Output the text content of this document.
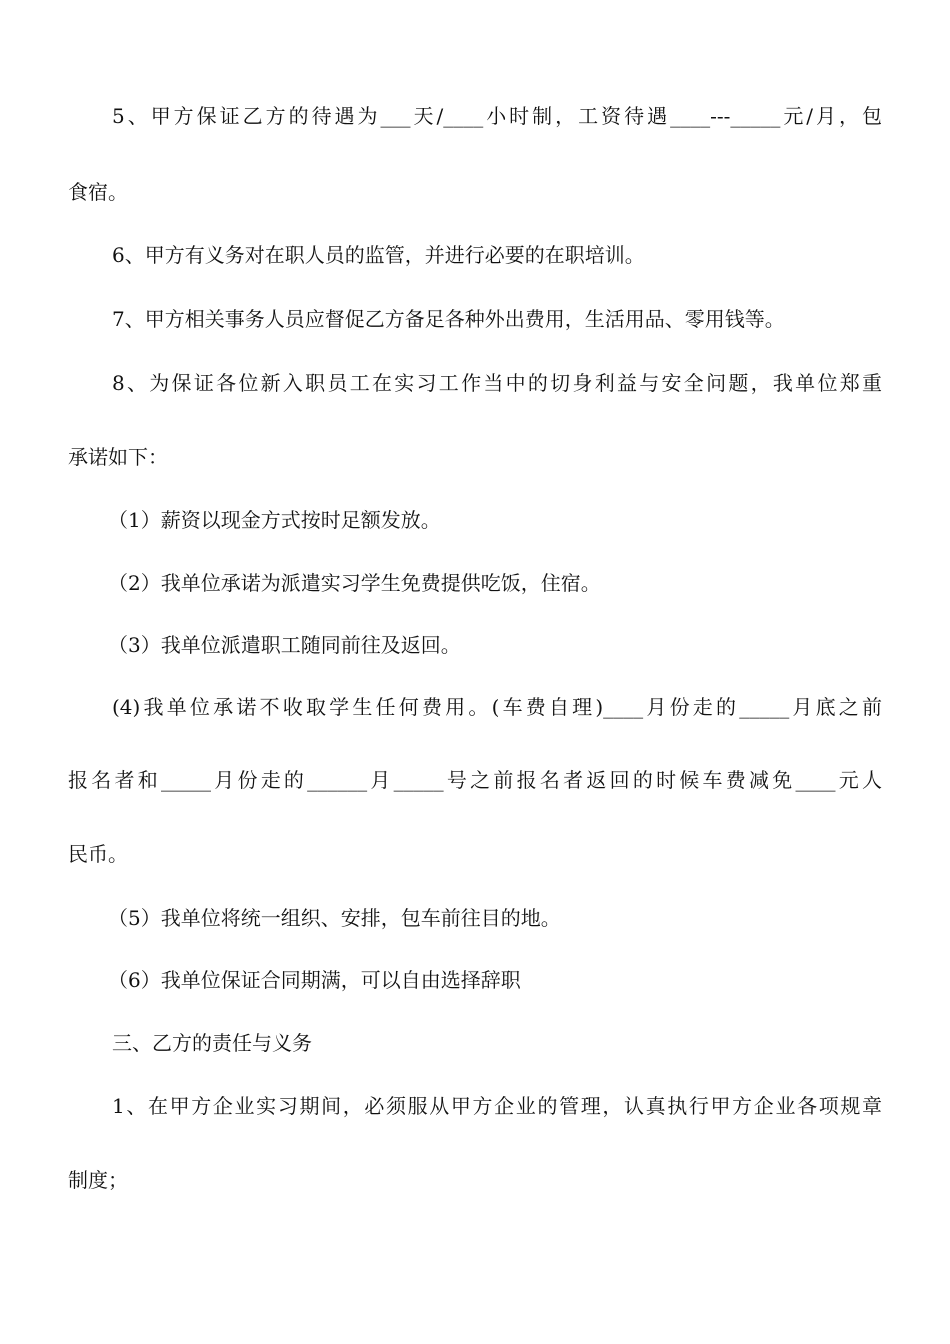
5、甲方保证乙方的待遇为___天/____小时制，工资待遇____---_____元/月，包
食宿。
6、甲方有义务对在职人员的监管，并进行必要的在职培训。
7、甲方相关事务人员应督促乙方备足各种外出费用，生活用品、零用钱等。
8、为保证各位新入职员工在实习工作当中的切身利益与安全问题，我单位郑重
承诺如下：
（1）薪资以现金方式按时足额发放。
（2）我单位承诺为派遣实习学生免费提供吃饭，住宿。
（3）我单位派遣职工随同前往及返回。
(4)我单位承诺不收取学生任何费用。(车费自理)____月份走的_____月底之前
报名者和_____月份走的______月_____号之前报名者返回的时候车费减免____元人
民币。
（5）我单位将统一组织、安排，包车前往目的地。
（6）我单位保证合同期满，可以自由选择辞职
三、乙方的责任与义务
1、在甲方企业实习期间，必须服从甲方企业的管理，认真执行甲方企业各项规章
制度；
